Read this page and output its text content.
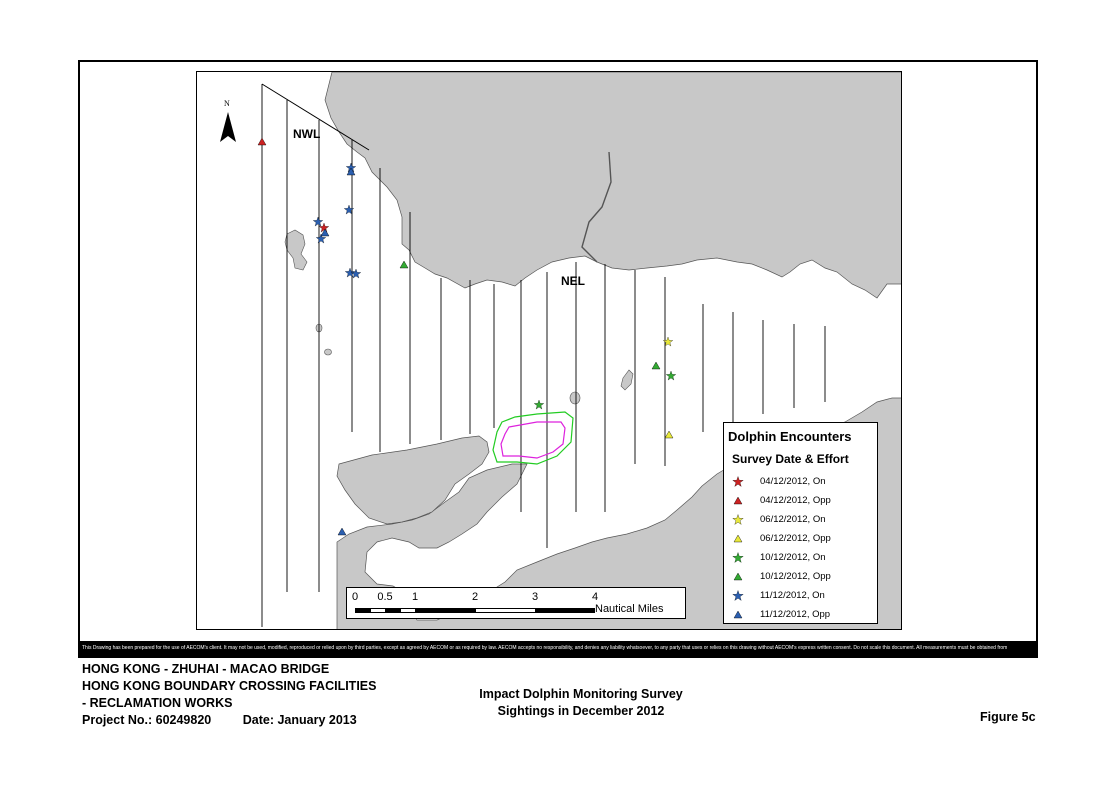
NWL
NEL
N
Dolphin Encounters
Survey Date & Effort
04/12/2012, On
04/12/2012, Opp
06/12/2012, On
06/12/2012, Opp
10/12/2012, On
10/12/2012, Opp
11/12/2012, On
11/12/2012, Opp
0 0.5 1	2	3	4
Nautical Miles
This Drawing has been prepared for the use of AECOM's client. It may not be used, modified, reproduced or relied upon by third parties, except as agreed by AECOM or as required by law. AECOM accepts no responsibility, and denies any liability whatsoever, to any party that uses or relies on this drawing without AECOM's express written consent. Do not scale this document. All measurements must be obtained from
HONG KONG - ZHUHAI - MACAO BRIDGE
HONG KONG BOUNDARY CROSSING FACILITIES
- RECLAMATION WORKS
Project No.: 60249820	Date: January 2013
Impact Dolphin Monitoring Survey
Sightings in December 2012	Figure 5c
